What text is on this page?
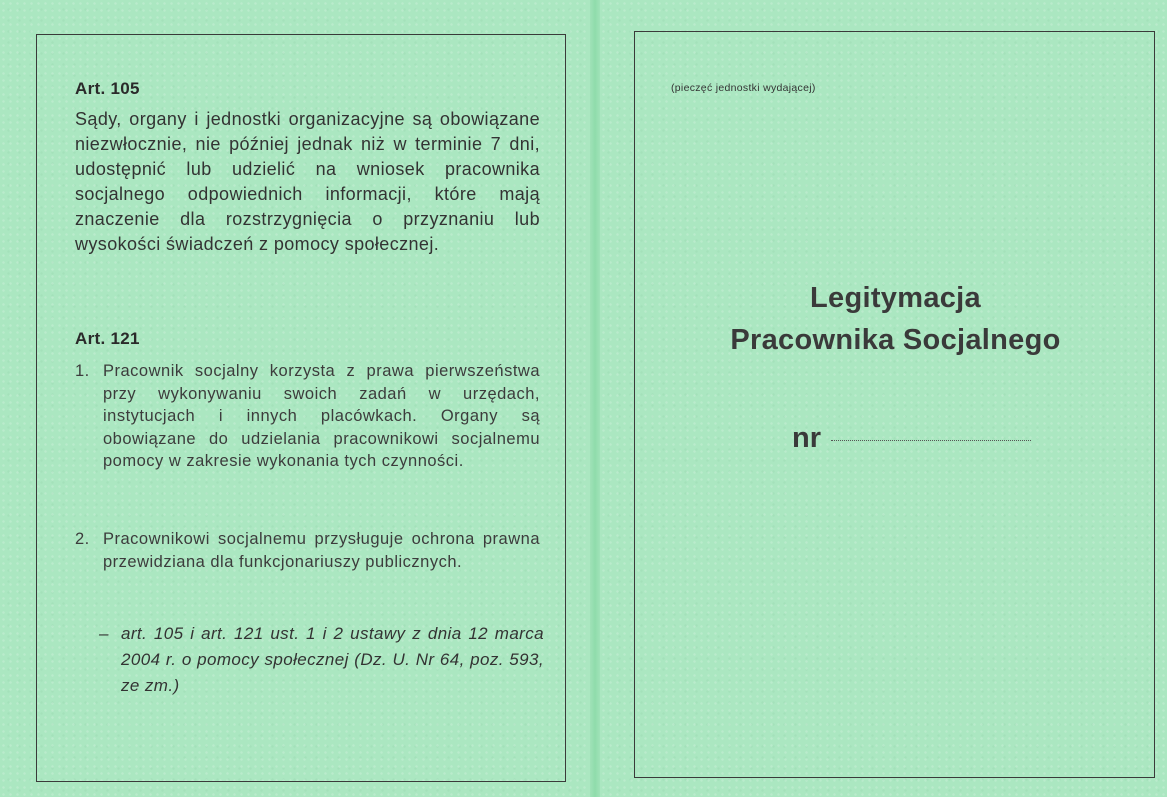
Art. 105
Sądy, organy i jednostki organizacyjne są obowiązane niezwłocznie, nie później jednak niż w terminie 7 dni, udostępnić lub udzielić na wniosek pracownika socjalnego odpowiednich informacji, które mają znaczenie dla rozstrzygnięcia o przyznaniu lub wysokości świadczeń z pomocy społecznej.
Art. 121
1. Pracownik socjalny korzysta z prawa pierwszeństwa przy wykonywaniu swoich zadań w urzędach, instytucjach i innych placówkach. Organy są obowiązane do udzielania pracownikowi socjalnemu pomocy w zakresie wykonania tych czynności.
2. Pracownikowi socjalnemu przysługuje ochrona prawna przewidziana dla funkcjonariuszy publicznych.
– art. 105 i art. 121 ust. 1 i 2 ustawy z dnia 12 marca 2004 r. o pomocy społecznej (Dz. U. Nr 64, poz. 593, ze zm.)
(pieczęć jednostki wydającej)
Legitymacja
Pracownika Socjalnego
nr
